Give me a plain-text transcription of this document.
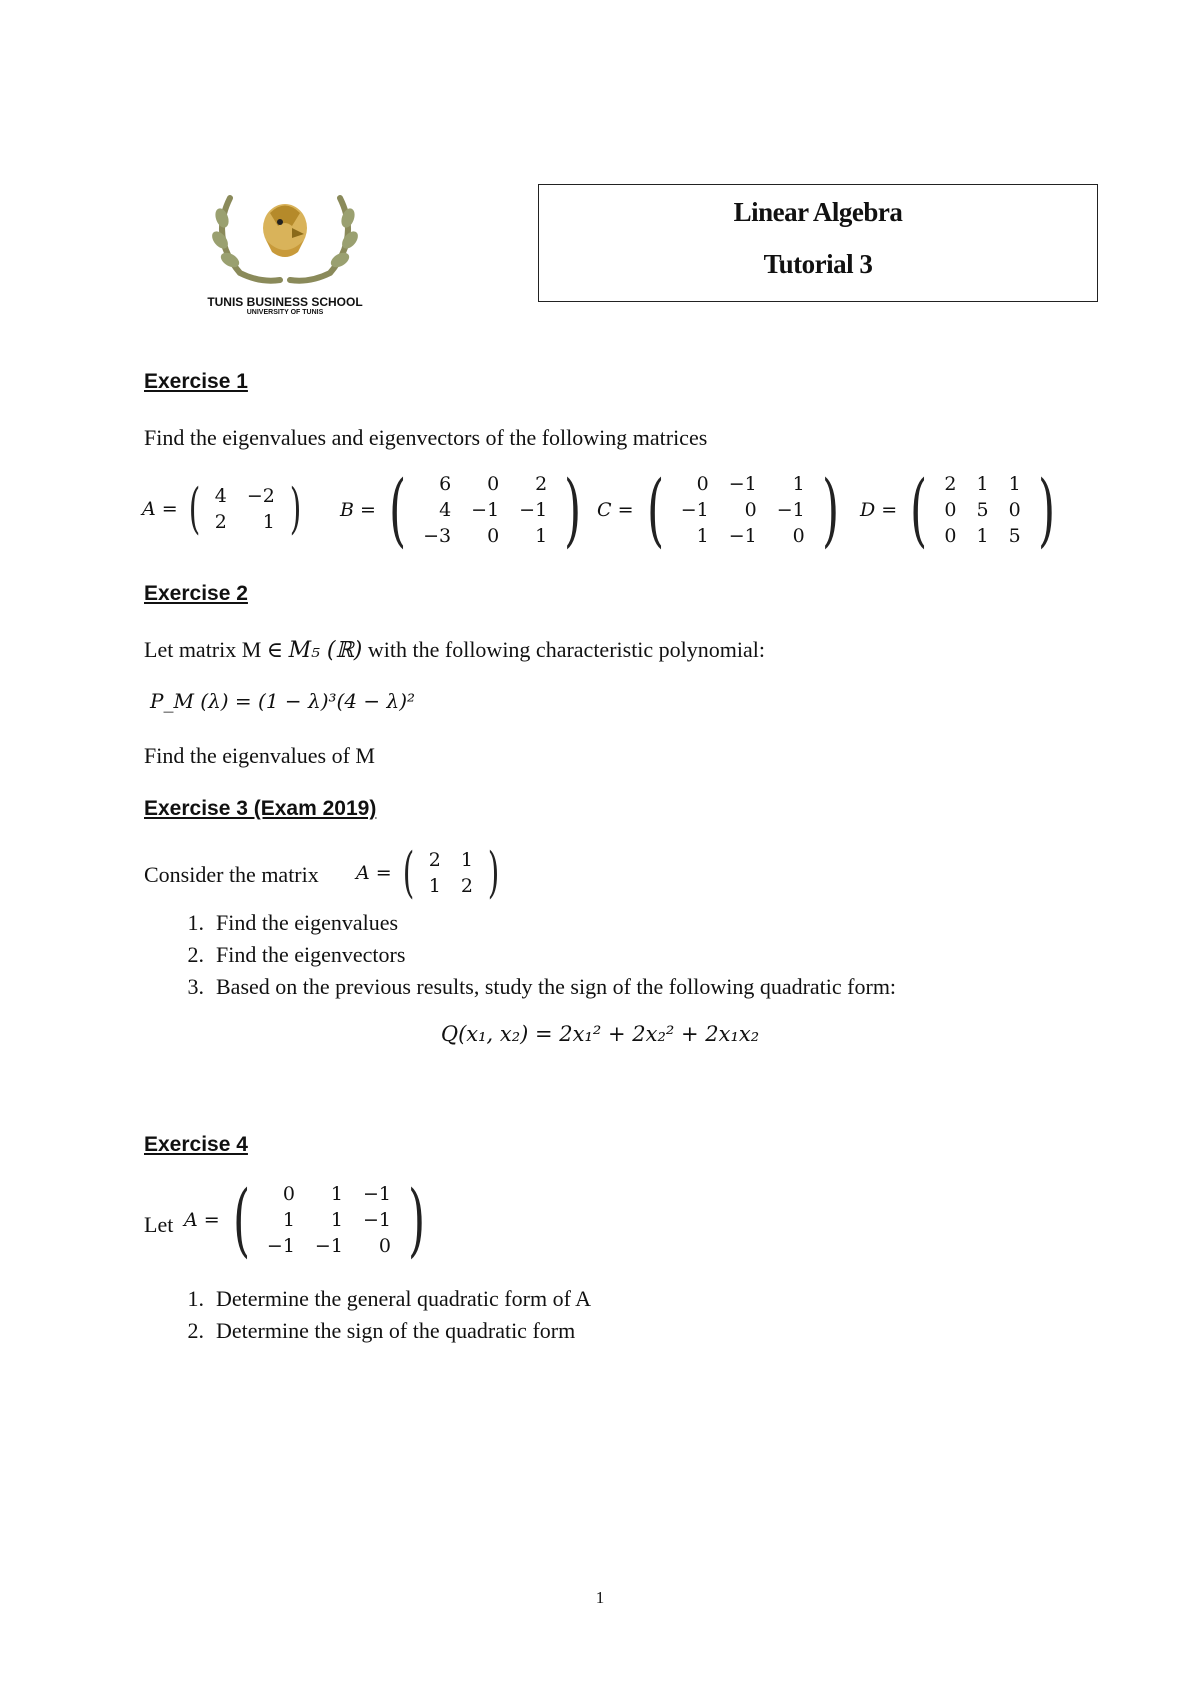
TUNIS BUSINESS SCHOOL
UNIVERSITY OF TUNIS
Linear Algebra
Tutorial 3
Exercise 1
Find the eigenvalues and eigenvectors of the following matrices
A = ( 4	−2
2	1 ) B = (	6	0	2
4	−1	−1
−3	0	1 ) C = (	0	−1	1
−1	0	−1
1	−1	0 ) D = ( 2	1	1
0	5	0
0	1	5 )
Exercise 2
Let matrix M ∈ M₅ (ℝ) with the following characteristic polynomial:
P_M (λ) = (1 − λ)³(4 − λ)²
Find the eigenvalues of M
Exercise 3 (Exam 2019)
Consider the matrix A = ( 2	1
1	2 )
1. Find the eigenvalues
2. Find the eigenvectors
3. Based on the previous results, study the sign of the following quadratic form:
Q(x₁, x₂) = 2x₁² + 2x₂² + 2x₁x₂
Exercise 4
Let A = (	0	1	−1
1	1	−1
−1	−1	0 )
1. Determine the general quadratic form of A
2. Determine the sign of the quadratic form
1
